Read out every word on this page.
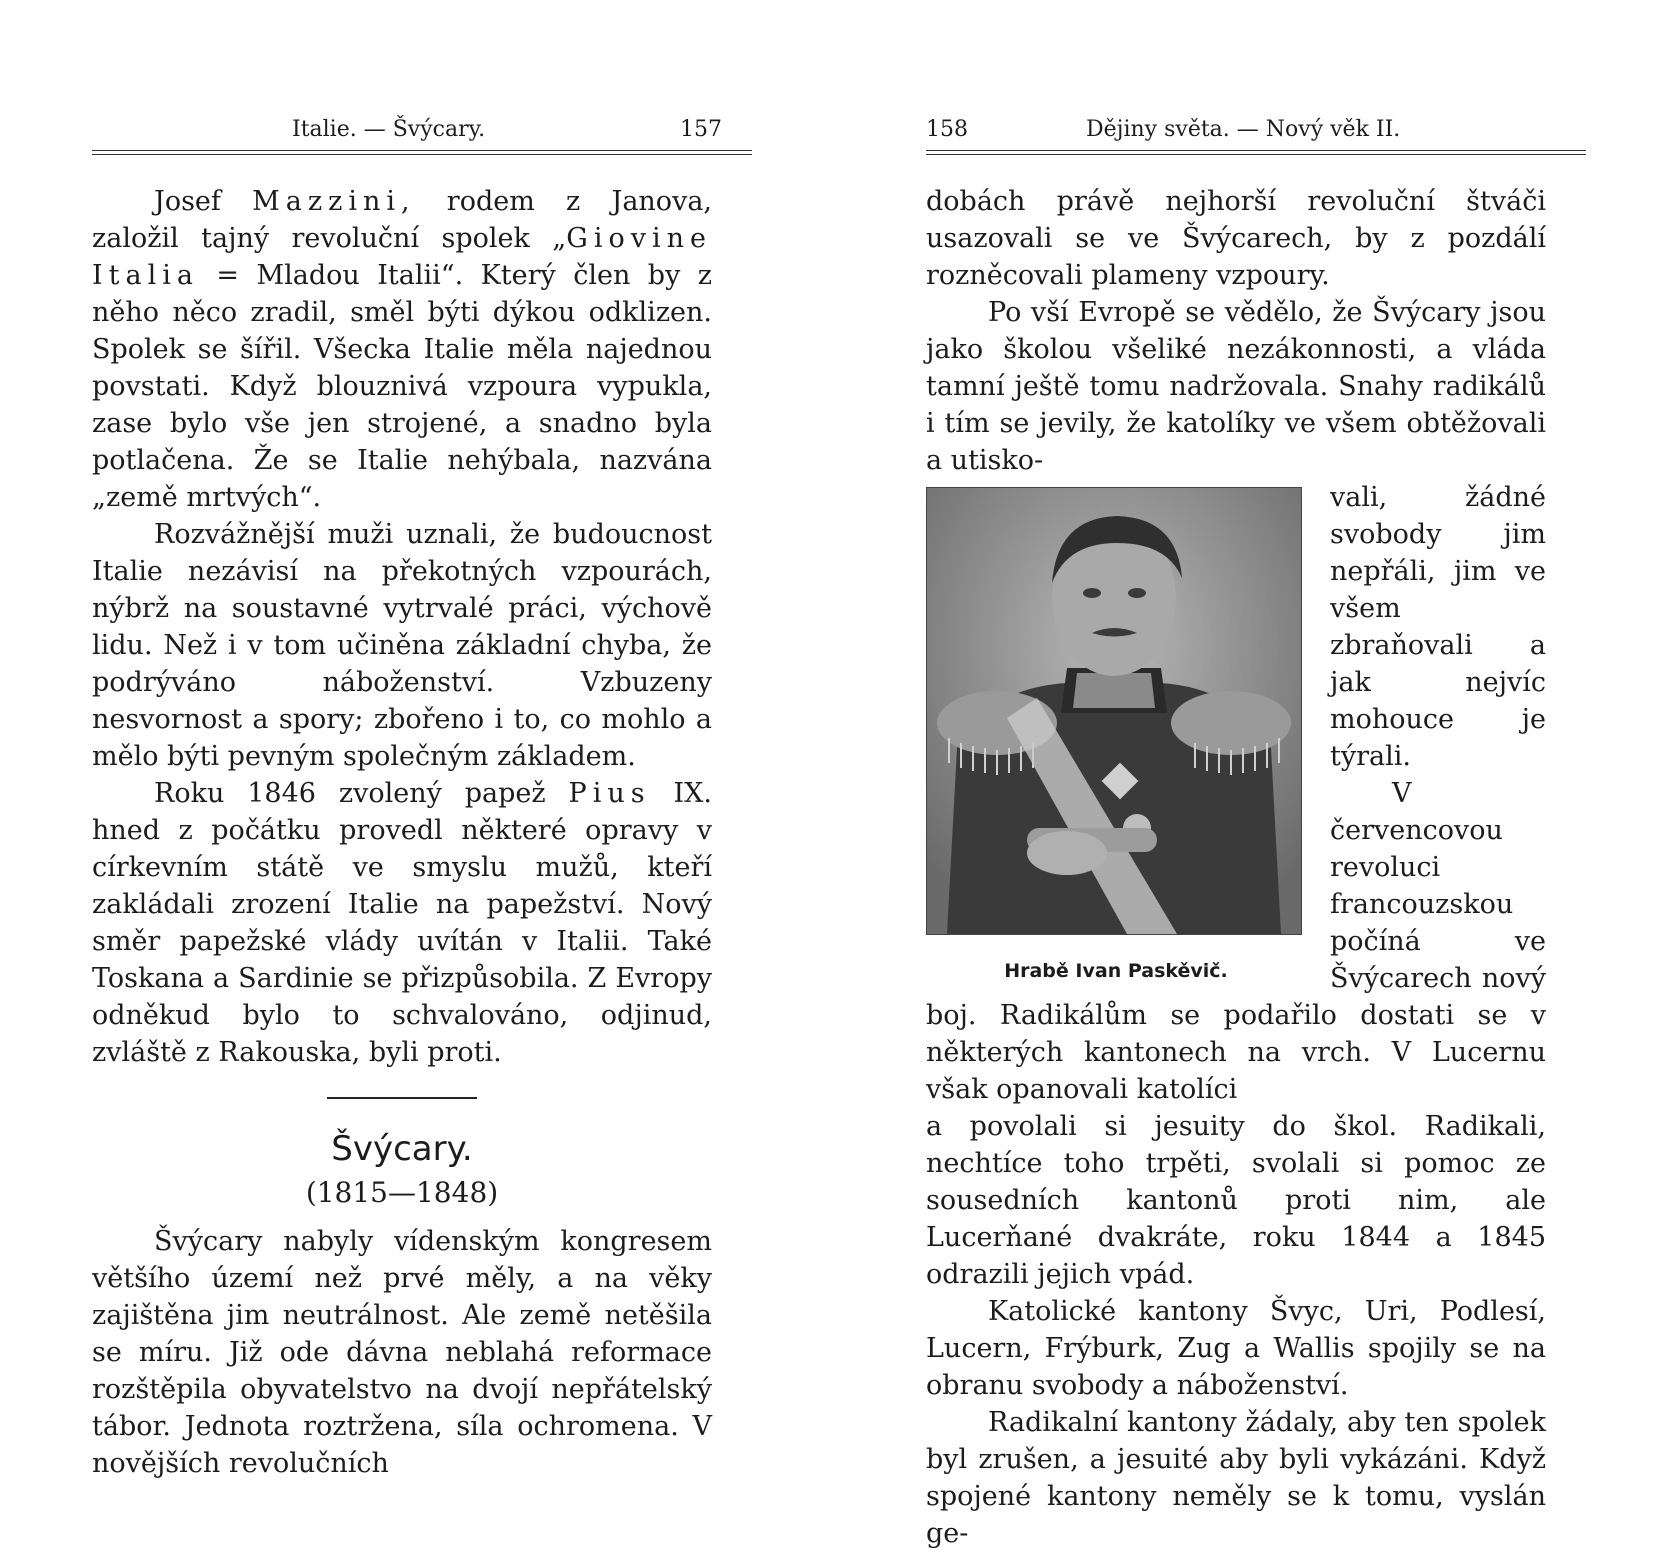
Italie. — Švýcary.	157

Josef Mazzini, rodem z Janova, založil tajný revoluční spolek „Giovine Italia = Mladou Italii“. Který člen by z něho něco zradil, směl býti dýkou odklizen. Spolek se šířil. Všecka Italie měla najednou povstati. Když blouznivá vzpoura vypukla, zase bylo vše jen strojené, a snadno byla potlačena. Že se Italie nehýbala, nazvána „země mrtvých“.

Rozvážnější muži uznali, že budoucnost Italie nezávisí na překotných vzpourách, nýbrž na soustavné vytrvalé práci, výchově lidu. Než i v tom učiněna základní chyba, že podrýváno náboženství. Vzbuzeny nesvornost a spory; zbořeno i to, co mohlo a mělo býti pevným společným základem.

Roku 1846 zvolený papež Pius IX. hned z počátku provedl některé opravy v církevním státě ve smyslu mužů, kteří zakládali zrození Italie na papežství. Nový směr papežské vlády uvítán v Italii. Také Toskana a Sardinie se přizpůsobila. Z Evropy odněkud bylo to schvalováno, odjinud, zvláště z Rakouska, byli proti.

Švýcary.
(1815—1848)

Švýcary nabyly vídenským kongresem většího území než prvé měly, a na věky zajištěna jim neutrálnost. Ale země netěšila se míru. Již ode dávna neblahá reformace rozštěpila obyvatelstvo na dvojí nepřátelský tábor. Jednota roztržena, síla ochromena. V novějších revolučních

158	Dějiny světa. — Nový věk II.

dobách právě nejhorší revoluční štváči usazovali se ve Švýcarech, by z pozdálí rozněcovali plameny vzpoury.

Po vší Evropě se vědělo, že Švýcary jsou jako školou všeliké nezákonnosti, a vláda tamní ještě tomu nadržovala. Snahy radikálů i tím se jevily, že katolíky ve všem obtěžovali a utisko-

Hrabě Ivan Paskěvič.

vali, žádné svobody jim nepřáli, jim ve všem zbraňovali a jak nejvíc mohouce je týrali.

V červencovou revoluci francouzskou počíná ve Švýcarech nový boj. Radikálům se podařilo dostati se v některých kantonech na vrch. V Lucernu však opanovali katolíci

a povolali si jesuity do škol. Radikali, nechtíce toho trpěti, svolali si pomoc ze sousedních kantonů proti nim, ale Lucerňané dvakráte, roku 1844 a 1845 odrazili jejich vpád.

Katolické kantony Švyc, Uri, Podlesí, Lucern, Frýburk, Zug a Wallis spojily se na obranu svobody a náboženství.

Radikalní kantony žádaly, aby ten spolek byl zrušen, a jesuité aby byli vykázáni. Když spojené kantony neměly se k tomu, vyslán ge-
